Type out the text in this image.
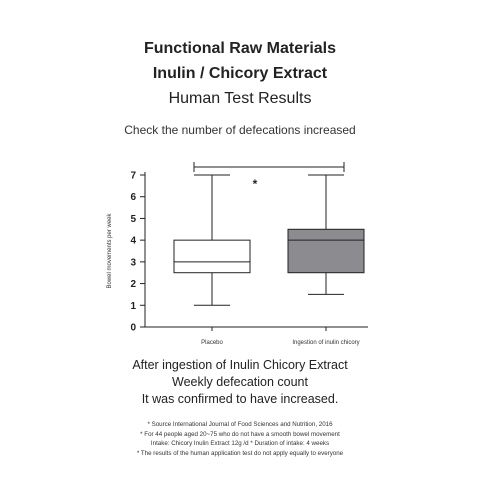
Functional Raw Materials
Inulin / Chicory Extract
Human Test Results
Check the number of defecations increased
0
1
2
3
4
5
6
7
Bowel movements per week
Placebo	Ingestion of inulin chicory
*
After ingestion of Inulin Chicory Extract
Weekly defecation count
It was confirmed to have increased.
* Source International Journal of Food Sciences and Nutrition, 2016
* For 44 people aged 20~75 who do not have a smooth bowel movement
Intake: Chicory Inulin Extract 12g /d * Duration of intake: 4 weeks
* The results of the human application test do not apply equally to everyone
